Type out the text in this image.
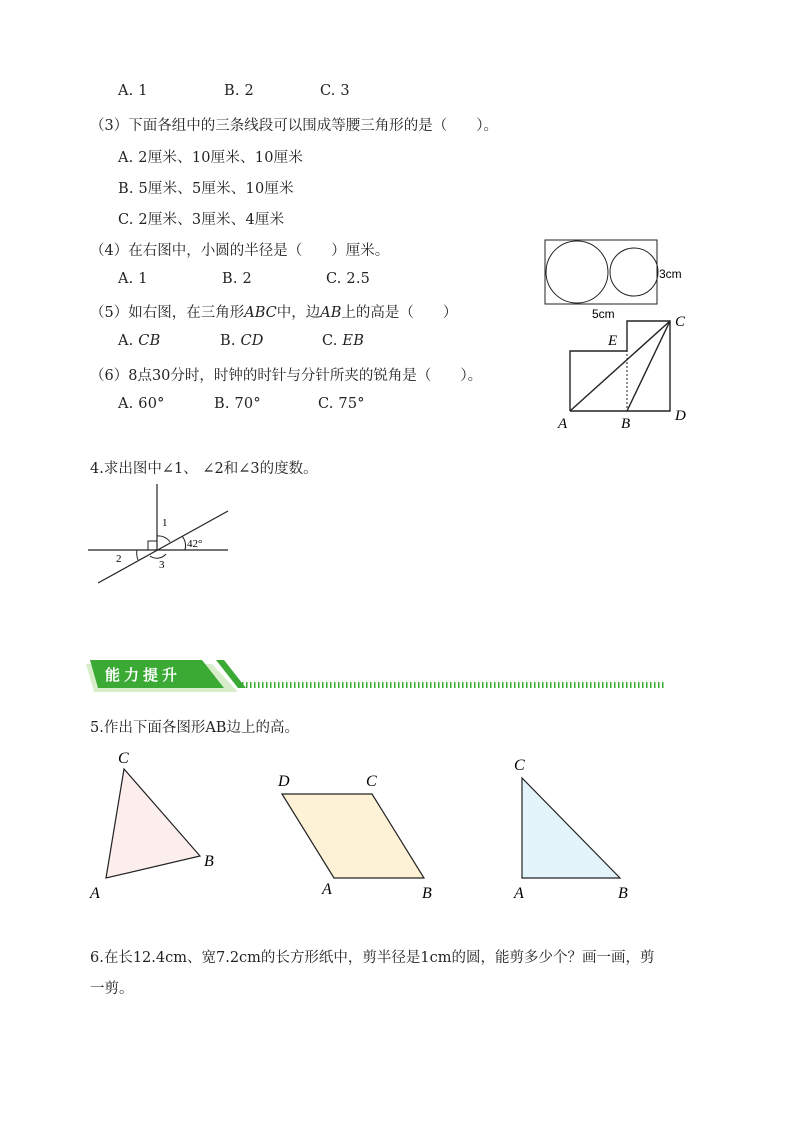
A. 1	B. 2	C. 3
（3）下面各组中的三条线段可以围成等腰三角形的是（　　）。
A. 2厘米、10厘米、10厘米
B. 5厘米、5厘米、10厘米
C. 2厘米、3厘米、4厘米
（4）在右图中，小圆的半径是（　　）厘米。
A. 1	B. 2	C. 2.5
（5）如右图，在三角形ABC中，边AB上的高是（　　）
A. CB	B. CD	C. EB
（6）8点30分时，时钟的时针与分针所夹的锐角是（　　）。
A. 60°	B. 70°	C. 75°
3cm
5cm
A	B
C
D
E
4.求出图中∠1、 ∠2和∠3的度数。
1
2	3
42°
能力提升
5.作出下面各图形AB边上的高。
A
B
C
D	C
A	B
C
A	B
6.在长12.4cm、宽7.2cm的长方形纸中，剪半径是1cm的圆，能剪多少个？画一画，剪
一剪。
